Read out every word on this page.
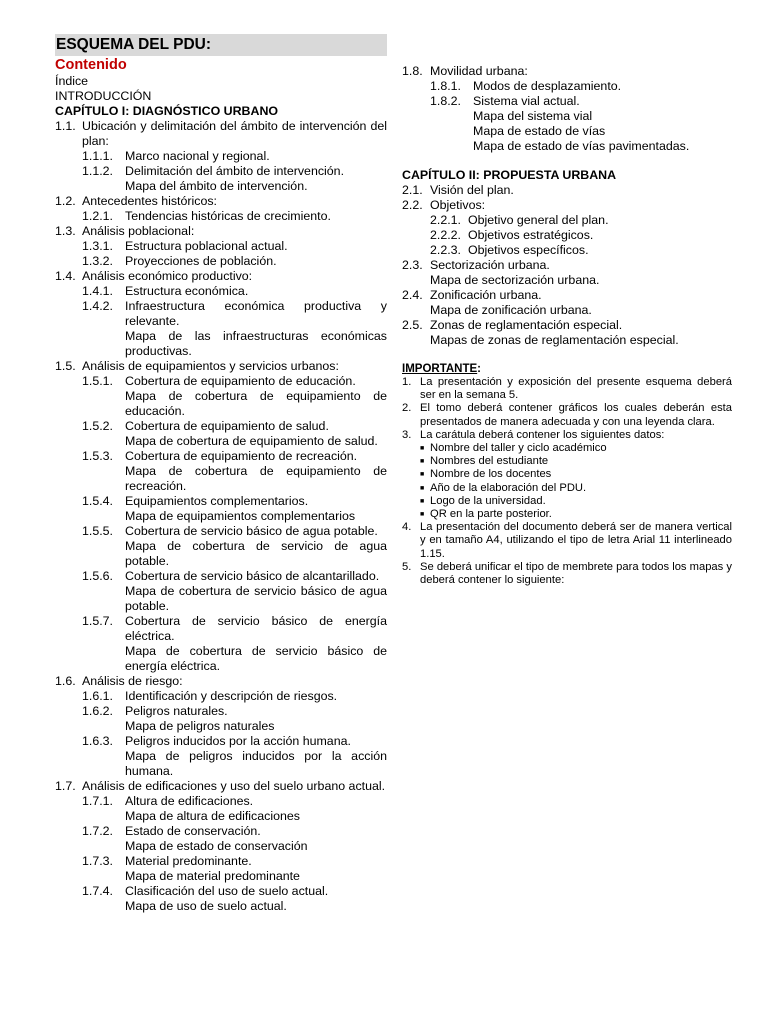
ESQUEMA DEL PDU:
Contenido
Índice
INTRODUCCIÓN
CAPÍTULO I: DIAGNÓSTICO URBANO
1.1. Ubicación y delimitación del ámbito de intervención del plan:
1.1.1. Marco nacional y regional.
1.1.2. Delimitación del ámbito de intervención.
Mapa del ámbito de intervención.
1.2. Antecedentes históricos:
1.2.1. Tendencias históricas de crecimiento.
1.3. Análisis poblacional:
1.3.1. Estructura poblacional actual.
1.3.2. Proyecciones de población.
1.4. Análisis económico productivo:
1.4.1. Estructura económica.
1.4.2. Infraestructura económica productiva y relevante.
Mapa de las infraestructuras económicas productivas.
1.5. Análisis de equipamientos y servicios urbanos:
1.5.1. Cobertura de equipamiento de educación.
Mapa de cobertura de equipamiento de educación.
1.5.2. Cobertura de equipamiento de salud.
Mapa de cobertura de equipamiento de salud.
1.5.3. Cobertura de equipamiento de recreación.
Mapa de cobertura de equipamiento de recreación.
1.5.4. Equipamientos complementarios.
Mapa de equipamientos complementarios
1.5.5. Cobertura de servicio básico de agua potable.
Mapa de cobertura de servicio de agua potable.
1.5.6. Cobertura de servicio básico de alcantarillado.
Mapa de cobertura de servicio básico de agua potable.
1.5.7. Cobertura de servicio básico de energía eléctrica.
Mapa de cobertura de servicio básico de energía eléctrica.
1.6. Análisis de riesgo:
1.6.1. Identificación y descripción de riesgos.
1.6.2. Peligros naturales.
Mapa de peligros naturales
1.6.3. Peligros inducidos por la acción humana.
Mapa de peligros inducidos por la acción humana.
1.7. Análisis de edificaciones y uso del suelo urbano actual.
1.7.1. Altura de edificaciones.
Mapa de altura de edificaciones
1.7.2. Estado de conservación.
Mapa de estado de conservación
1.7.3. Material predominante.
Mapa de material predominante
1.7.4. Clasificación del uso de suelo actual.
Mapa de uso de suelo actual.
1.8. Movilidad urbana:
1.8.1. Modos de desplazamiento.
1.8.2. Sistema vial actual.
Mapa del sistema vial
Mapa de estado de vías
Mapa de estado de vías pavimentadas.
CAPÍTULO II: PROPUESTA URBANA
2.1. Visión del plan.
2.2. Objetivos:
2.2.1. Objetivo general del plan.
2.2.2. Objetivos estratégicos.
2.2.3. Objetivos específicos.
2.3. Sectorización urbana.
Mapa de sectorización urbana.
2.4. Zonificación urbana.
Mapa de zonificación urbana.
2.5. Zonas de reglamentación especial.
Mapas de zonas de reglamentación especial.
IMPORTANTE:
1. La presentación y exposición del presente esquema deberá ser en la semana 5.
2. El tomo deberá contener gráficos los cuales deberán esta presentados de manera adecuada y con una leyenda clara.
3. La carátula deberá contener los siguientes datos:
■ Nombre del taller y ciclo académico
■ Nombres del estudiante
■ Nombre de los docentes
■ Año de la elaboración del PDU.
■ Logo de la universidad.
■ QR en la parte posterior.
4. La presentación del documento deberá ser de manera vertical y en tamaño A4, utilizando el tipo de letra Arial 11 interlineado 1.15.
5. Se deberá unificar el tipo de membrete para todos los mapas y deberá contener lo siguiente:
